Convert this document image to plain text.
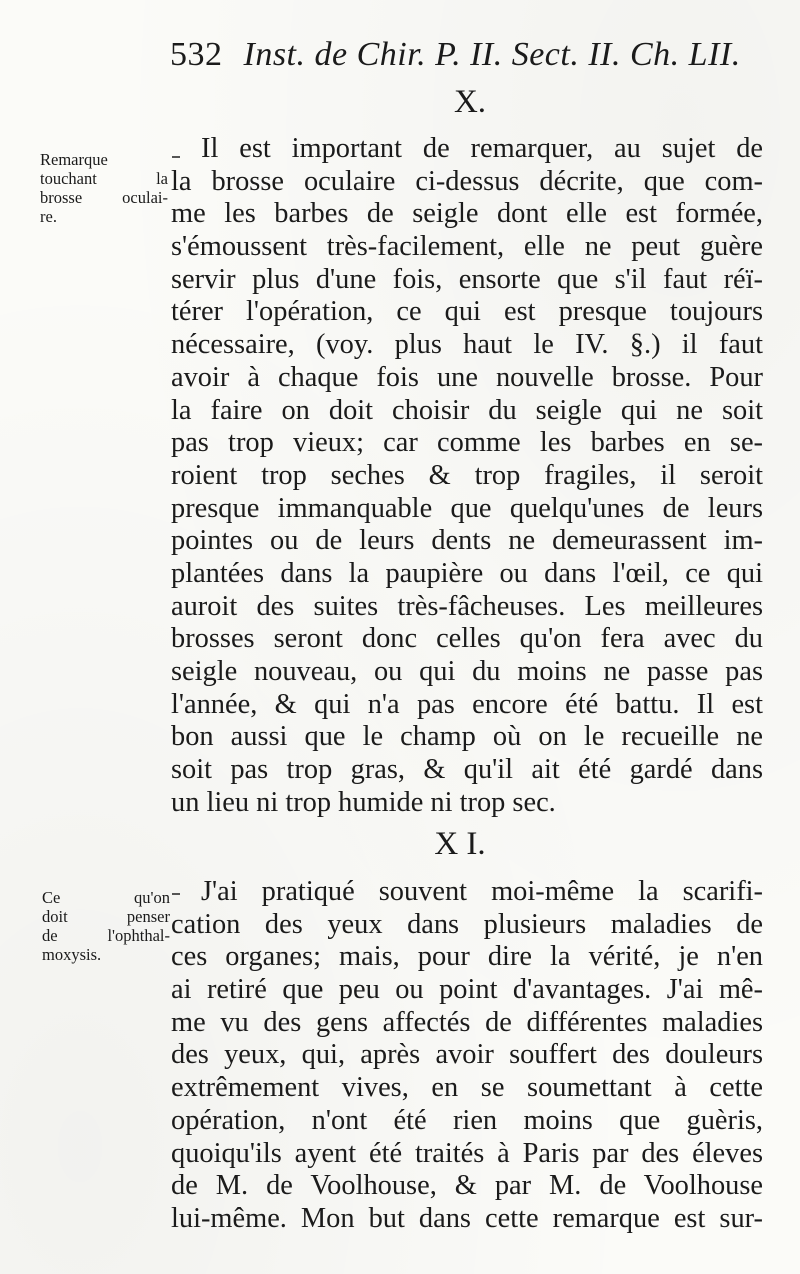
532 Inst. de Chir. P. II. Sect. II. Ch. LII.
X.
Remarque
touchant la
brosse oculai-
re.
Il est important de remarquer, au sujet de
la brosse oculaire ci-dessus décrite, que com-
me les barbes de seigle dont elle est formée,
s'émoussent très-facilement, elle ne peut guère
servir plus d'une fois, ensorte que s'il faut réï-
térer l'opération, ce qui est presque toujours
nécessaire, (voy. plus haut le IV. §.) il faut
avoir à chaque fois une nouvelle brosse. Pour
la faire on doit choisir du seigle qui ne soit
pas trop vieux; car comme les barbes en se-
roient trop seches & trop fragiles, il seroit
presque immanquable que quelqu'unes de leurs
pointes ou de leurs dents ne demeurassent im-
plantées dans la paupière ou dans l'œil, ce qui
auroit des suites très-fâcheuses. Les meilleures
brosses seront donc celles qu'on fera avec du
seigle nouveau, ou qui du moins ne passe pas
l'année, & qui n'a pas encore été battu. Il est
bon aussi que le champ où on le recueille ne
soit pas trop gras, & qu'il ait été gardé dans
un lieu ni trop humide ni trop sec.
X I.
Ce qu'on
doit penser
de l'ophthal-
moxysis.
J'ai pratiqué souvent moi-même la scarifi-
cation des yeux dans plusieurs maladies de
ces organes; mais, pour dire la vérité, je n'en
ai retiré que peu ou point d'avantages. J'ai mê-
me vu des gens affectés de différentes maladies
des yeux, qui, après avoir souffert des douleurs
extrêmement vives, en se soumettant à cette
opération, n'ont été rien moins que guèris,
quoiqu'ils ayent été traités à Paris par des éleves
de M. de Voolhouse, & par M. de Voolhouse
lui-même. Mon but dans cette remarque est sur-
